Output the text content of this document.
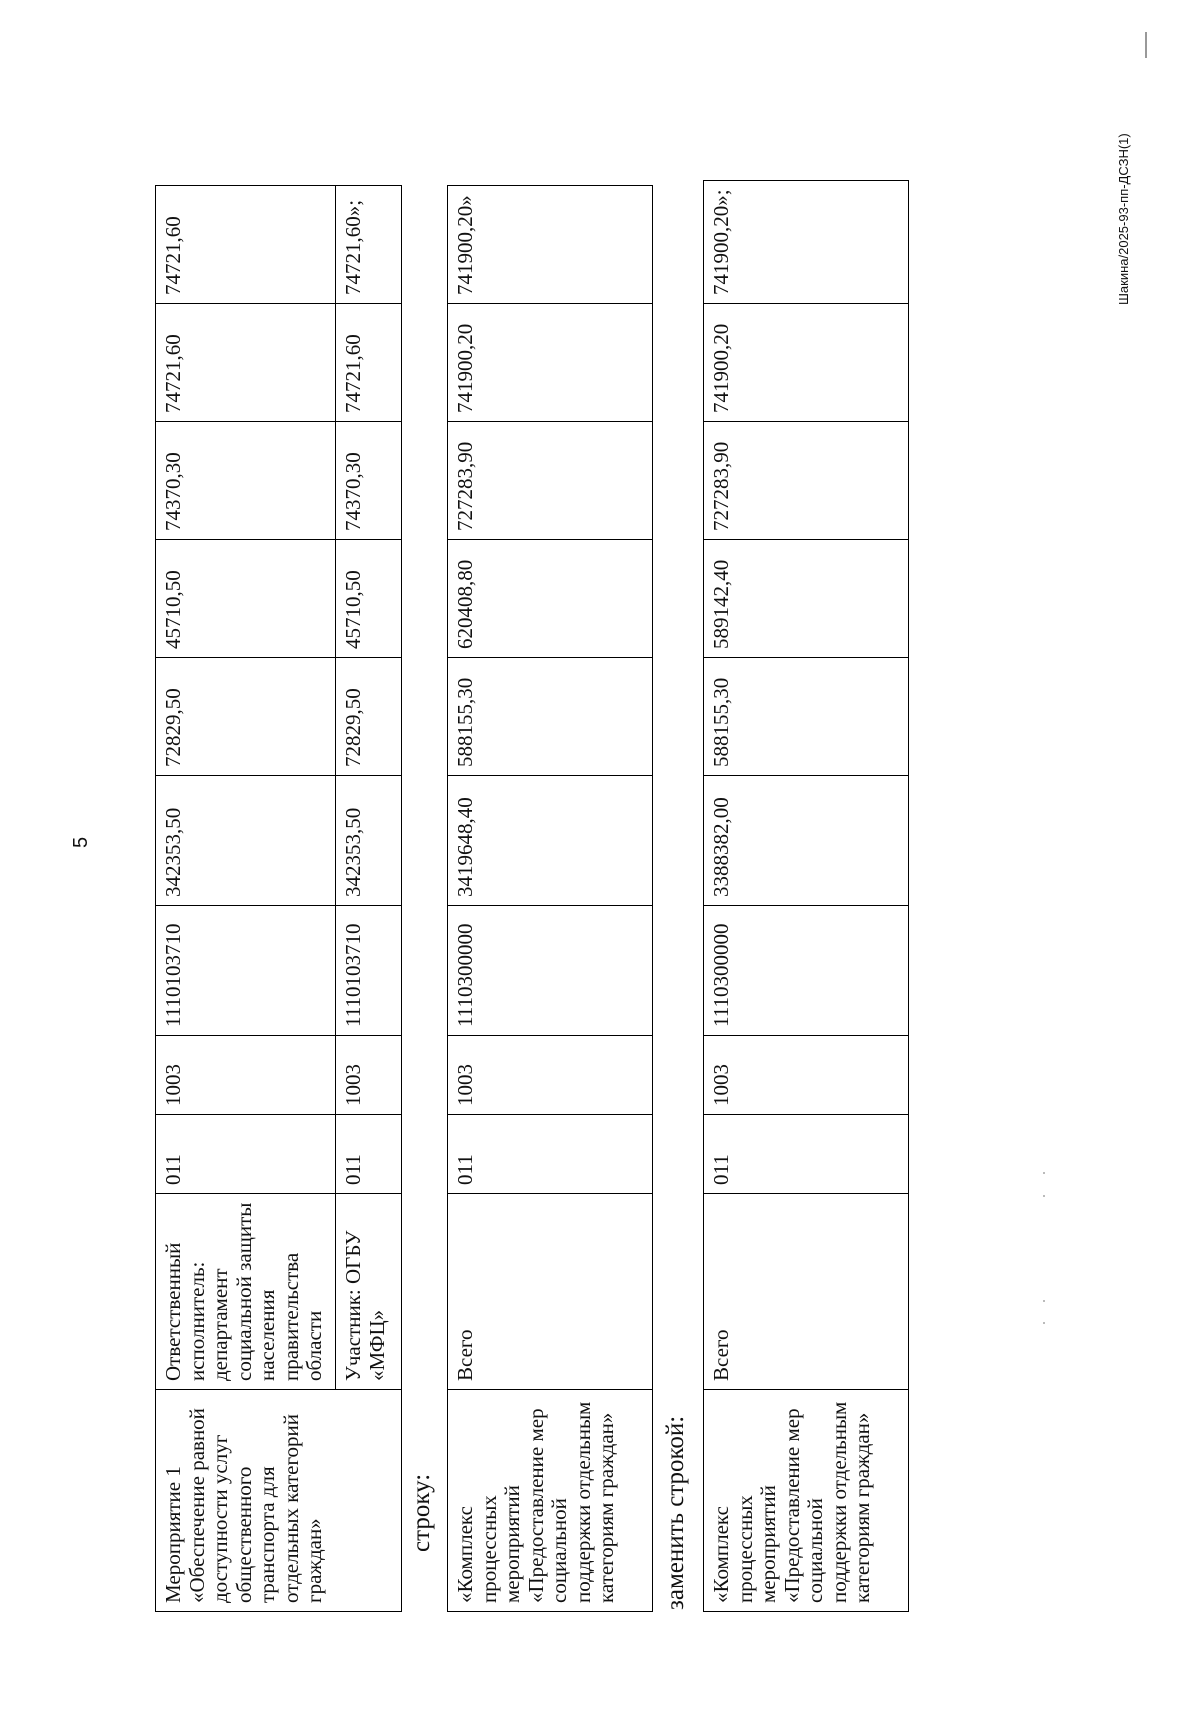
5
Шакина/2025-93-пп-ДСЗН(1)
Мероприятие 1 «Обеспечение равной доступности услуг общественного транспорта для отдельных категорий граждан»	Ответственный исполнитель: департамент социальной защиты населения правительства области	011	1003	1110103710	342353,50	72829,50	45710,50	74370,30	74721,60	74721,60
	Участник: ОГБУ «МФЦ»	011	1003	1110103710	342353,50	72829,50	45710,50	74370,30	74721,60	74721,60»;
строку: «Комплекс процессных мероприятий «Предоставление мер социальной поддержки отдельным категориям граждан»	Всего	011	1003	1110300000	3419648,40	588155,30	620408,80	727283,90	741900,20	741900,20»
заменить строкой: «Комплекс процессных мероприятий «Предоставление мер социальной поддержки отдельным категориям граждан»	Всего	011	1003	1110300000	3388382,00	588155,30	589142,40	727283,90	741900,20	741900,20»;
